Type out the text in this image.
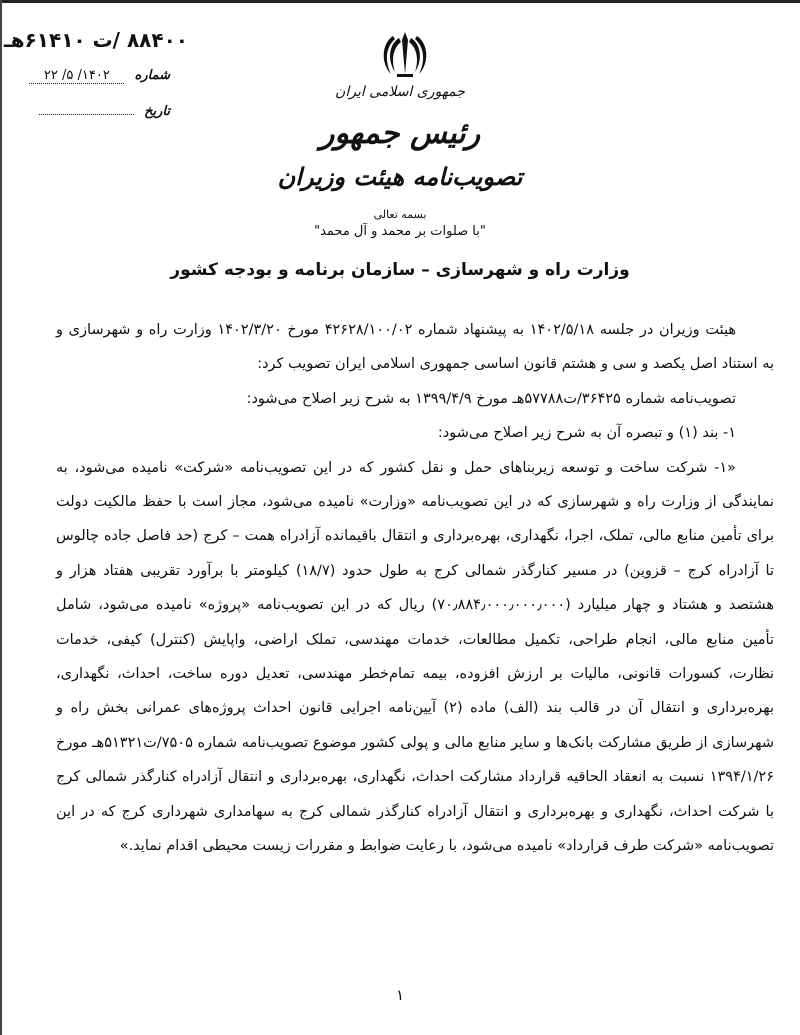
۸۸۴۰۰ /ت ۶۱۴۱۰هـ
شماره ۱۴۰۲/ ۵/ ۲۲
تاریخ
جمهوری اسلامی ایران
رئیس جمهور
تصویب‌نامه هیئت وزیران
بسمه تعالی
"با صلوات بر محمد و آل محمد"
وزارت راه و شهرسازی – سازمان برنامه و بودجه کشور

هیئت وزیران در جلسه ۱۴۰۲/۵/۱۸ به پیشنهاد شماره ۴۲۶۲۸/۱۰۰/۰۲ مورخ ۱۴۰۲/۳/۲۰ وزارت راه و شهرسازی و به استناد اصل یکصد و سی و هشتم قانون اساسی جمهوری اسلامی ایران تصویب کرد:

تصویب‌نامه شماره ۳۶۴۲۵/ت۵۷۷۸۸هـ مورخ ۱۳۹۹/۴/۹ به شرح زیر اصلاح می‌شود:

۱- بند (۱) و تبصره آن به شرح زیر اصلاح می‌شود:

«۱- شرکت ساخت و توسعه زیربناهای حمل و نقل کشور که در این تصویب‌نامه «شرکت» نامیده می‌شود، به نمایندگی از وزارت راه و شهرسازی که در این تصویب‌نامه «وزارت» نامیده می‌شود، مجاز است با حفظ مالکیت دولت برای تأمین منابع مالی، تملک، اجرا، نگهداری، بهره‌برداری و انتقال باقیمانده آزادراه همت – کرج (حد فاصل جاده چالوس تا آزادراه کرج – قزوین) در مسیر کنارگذر شمالی کرج به طول حدود (۱۸/۷) کیلومتر با برآورد تقریبی هفتاد هزار و هشتصد و هشتاد و چهار میلیارد (۷۰٫۸۸۴٫۰۰۰٫۰۰۰٫۰۰۰) ریال که در این تصویب‌نامه «پروژه» نامیده می‌شود، شامل تأمین منابع مالی، انجام طراحی، تکمیل مطالعات، خدمات مهندسی، تملک اراضی، واپایش (کنترل) کیفی، خدمات نظارت، کسورات قانونی، مالیات بر ارزش افزوده، بیمه تمام‌خطر مهندسی، تعدیل دوره ساخت، احداث، نگهداری، بهره‌برداری و انتقال آن در قالب بند (الف) ماده (۲) آیین‌نامه اجرایی قانون احداث پروژه‌های عمرانی بخش راه و شهرسازی از طریق مشارکت بانک‌ها و سایر منابع مالی و پولی کشور موضوع تصویب‌نامه شماره ۷۵۰۵/ت۵۱۳۲۱هـ مورخ ۱۳۹۴/۱/۲۶ نسبت به انعقاد الحاقیه قرارداد مشارکت احداث، نگهداری، بهره‌برداری و انتقال آزادراه کنارگذر شمالی کرج با شرکت احداث، نگهداری و بهره‌برداری و انتقال آزادراه کنارگذر شمالی کرج به سهامداری شهرداری کرج که در این تصویب‌نامه «شرکت طرف قرارداد» نامیده می‌شود، با رعایت ضوابط و مقررات زیست محیطی اقدام نماید.»

۱
